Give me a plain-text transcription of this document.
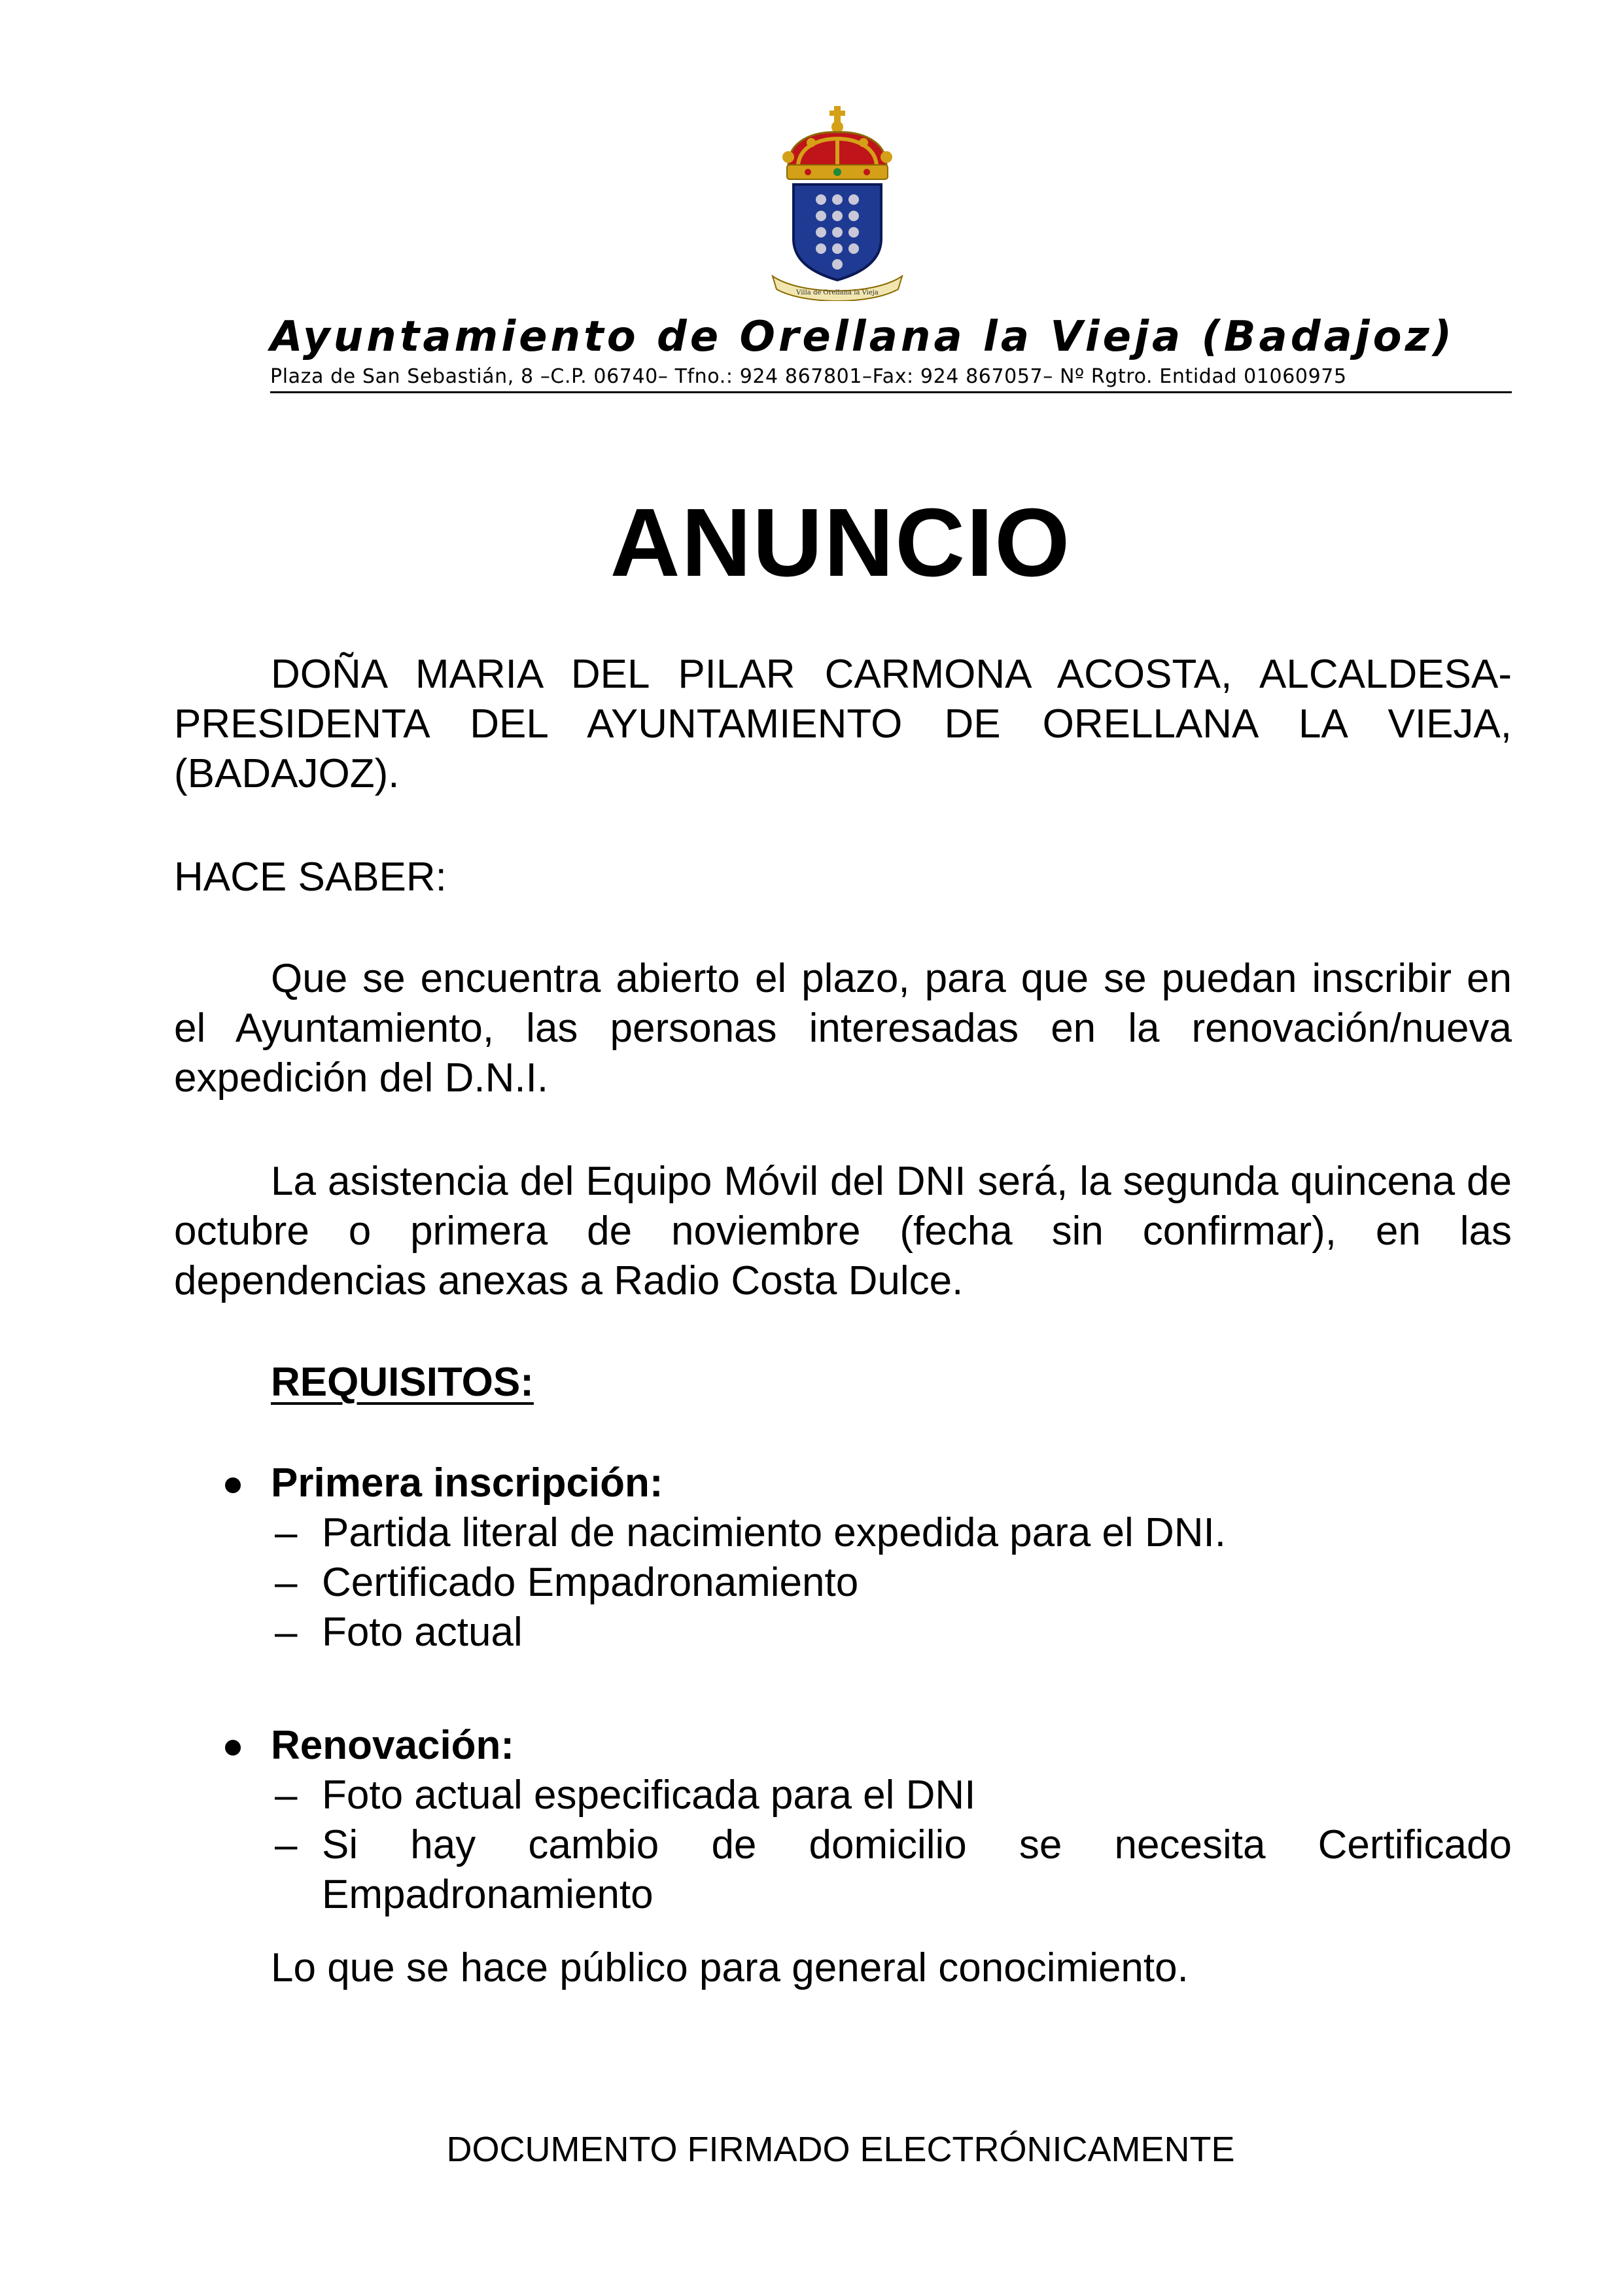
Villa de Orellana la Vieja
Ayuntamiento de Orellana la Vieja (Badajoz)
Plaza de San Sebastián, 8 –C.P. 06740– Tfno.: 924 867801–Fax: 924 867057– Nº Rgtro. Entidad 01060975
ANUNCIO
DOÑA MARIA DEL PILAR CARMONA ACOSTA, ALCALDESA-PRESIDENTA DEL AYUNTAMIENTO DE ORELLANA LA VIEJA, (BADAJOZ).
HACE SABER:
Que se encuentra abierto el plazo, para que se puedan inscribir en el Ayuntamiento, las personas interesadas en la renovación/nueva expedición del D.N.I.
La asistencia del Equipo Móvil del DNI será, la segunda quincena de octubre o primera de noviembre (fecha sin confirmar), en las dependencias anexas a Radio Costa Dulce.
REQUISITOS:
Primera inscripción:
– Partida literal de nacimiento expedida para el DNI.
– Certificado Empadronamiento
– Foto actual
Renovación:
– Foto actual especificada para el DNI
– Si hay cambio de domicilio se necesita Certificado Empadronamiento
Lo que se hace público para general conocimiento.
DOCUMENTO FIRMADO ELECTRÓNICAMENTE
